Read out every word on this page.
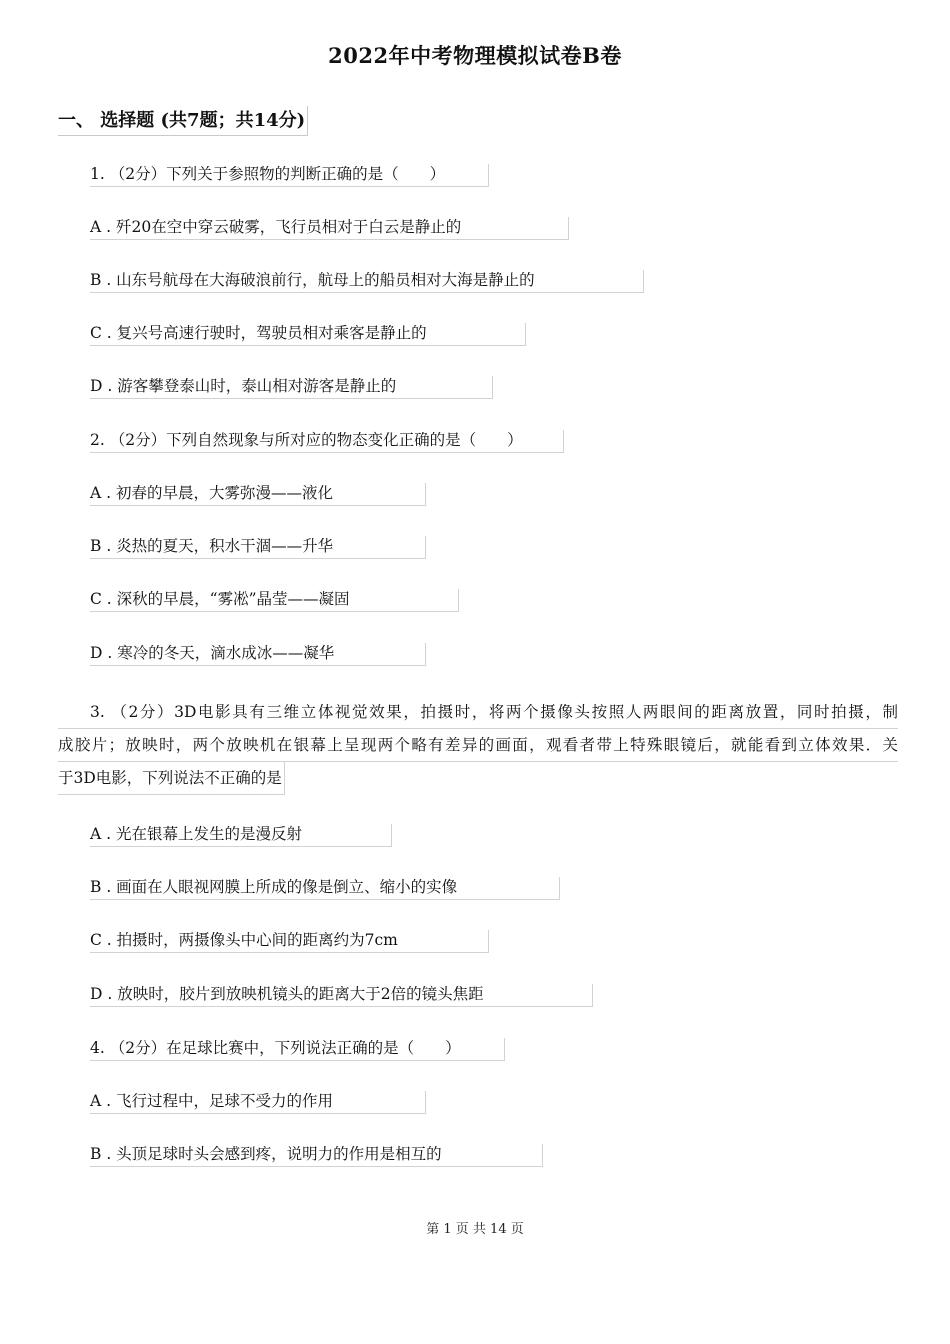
2022年中考物理模拟试卷B卷
一、 选择题 (共7题；共14分)
1. （2分）下列关于参照物的判断正确的是（　　）
A . 歼20在空中穿云破雾，飞行员相对于白云是静止的
B . 山东号航母在大海破浪前行，航母上的船员相对大海是静止的
C . 复兴号高速行驶时，驾驶员相对乘客是静止的
D . 游客攀登泰山时，泰山相对游客是静止的
2. （2分）下列自然现象与所对应的物态变化正确的是（　　）
A . 初春的早晨，大雾弥漫——液化
B . 炎热的夏天，积水干涸——升华
C . 深秋的早晨，“雾凇”晶莹——凝固
D . 寒冷的冬天，滴水成冰——凝华
3. （2分）3D电影具有三维立体视觉效果，拍摄时，将两个摄像头按照人两眼间的距离放置，同时拍摄，制
成胶片；放映时，两个放映机在银幕上呈现两个略有差异的画面，观看者带上特殊眼镜后，就能看到立体效果．关
于3D电影，下列说法不正确的是
A . 光在银幕上发生的是漫反射
B . 画面在人眼视网膜上所成的像是倒立、缩小的实像
C . 拍摄时，两摄像头中心间的距离约为7cm
D . 放映时，胶片到放映机镜头的距离大于2倍的镜头焦距
4. （2分）在足球比赛中，下列说法正确的是（　　）
A . 飞行过程中，足球不受力的作用
B . 头顶足球时头会感到疼，说明力的作用是相互的
第 1 页 共 14 页
